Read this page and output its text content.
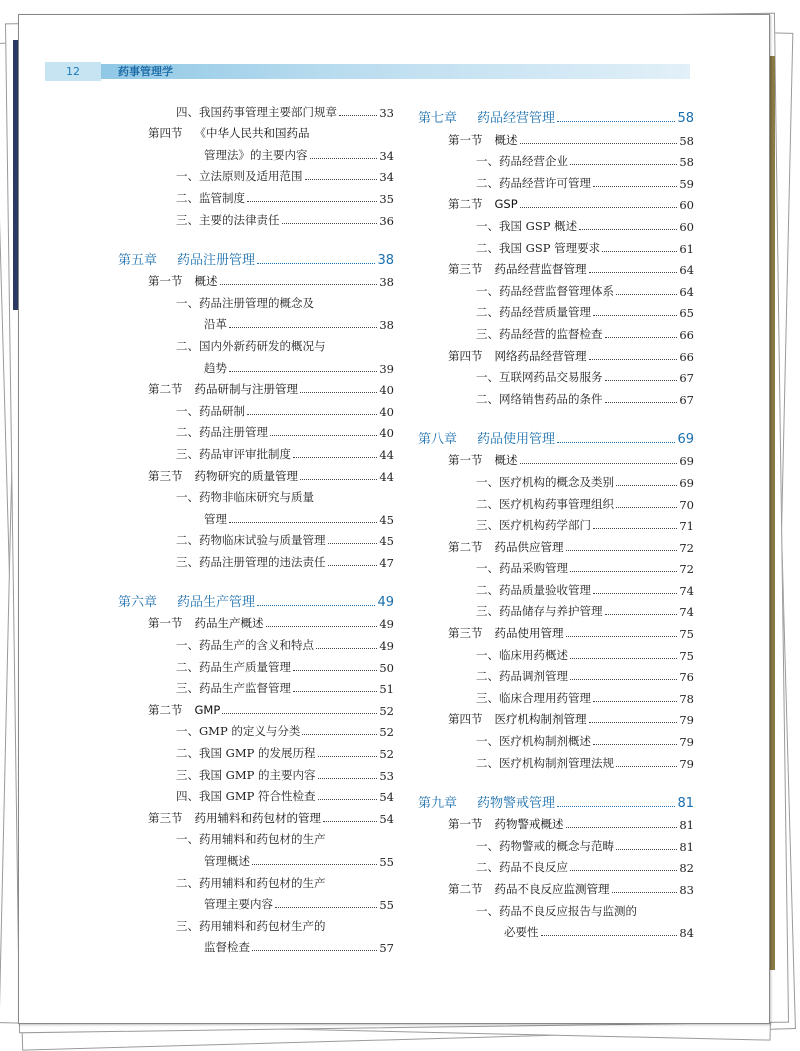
12	药事管理学
四、我国药事管理主要部门规章	33
第四节 《中华人民共和国药品
管理法》的主要内容	34
一、立法原则及适用范围	34
二、监管制度	35
三、主要的法律责任	36
第五章 药品注册管理	38
第一节 概述	38
一、药品注册管理的概念及
沿革	38
二、国内外新药研发的概况与
趋势	39
第二节 药品研制与注册管理	40
一、药品研制	40
二、药品注册管理	40
三、药品审评审批制度	44
第三节 药物研究的质量管理	44
一、药物非临床研究与质量
管理	45
二、药物临床试验与质量管理	45
三、药品注册管理的违法责任	47
第六章 药品生产管理	49
第一节 药品生产概述	49
一、药品生产的含义和特点	49
二、药品生产质量管理	50
三、药品生产监督管理	51
第二节 GMP	52
一、GMP 的定义与分类	52
二、我国 GMP 的发展历程	52
三、我国 GMP 的主要内容	53
四、我国 GMP 符合性检查	54
第三节 药用辅料和药包材的管理	54
一、药用辅料和药包材的生产
管理概述	55
二、药用辅料和药包材的生产
管理主要内容	55
三、药用辅料和药包材生产的
监督检查	57
第七章 药品经营管理	58
第一节 概述	58
一、药品经营企业	58
二、药品经营许可管理	59
第二节 GSP	60
一、我国 GSP 概述	60
二、我国 GSP 管理要求	61
第三节 药品经营监督管理	64
一、药品经营监督管理体系	64
二、药品经营质量管理	65
三、药品经营的监督检查	66
第四节 网络药品经营管理	66
一、互联网药品交易服务	67
二、网络销售药品的条件	67
第八章 药品使用管理	69
第一节 概述	69
一、医疗机构的概念及类别	69
二、医疗机构药事管理组织	70
三、医疗机构药学部门	71
第二节 药品供应管理	72
一、药品采购管理	72
二、药品质量验收管理	74
三、药品储存与养护管理	74
第三节 药品使用管理	75
一、临床用药概述	75
二、药品调剂管理	76
三、临床合理用药管理	78
第四节 医疗机构制剂管理	79
一、医疗机构制剂概述	79
二、医疗机构制剂管理法规	79
第九章 药物警戒管理	81
第一节 药物警戒概述	81
一、药物警戒的概念与范畴	81
二、药品不良反应	82
第二节 药品不良反应监测管理	83
一、药品不良反应报告与监测的
必要性	84
